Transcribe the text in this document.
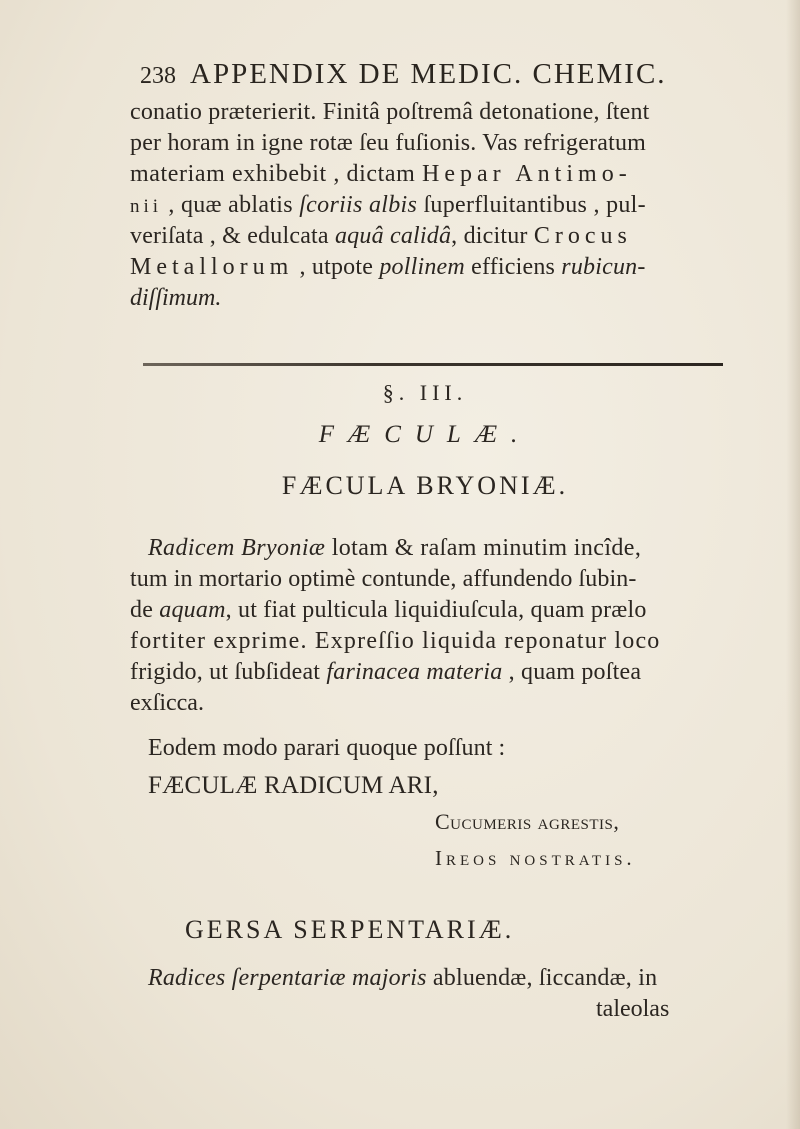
238 APPENDIX DE MEDIC. CHEMIC.
conatio præterierit. Finitâ poſtremâ detonatione, ſtent
per horam in igne rotæ ſeu fuſionis. Vas refrigeratum
materiam exhibebit , dictam Hepar Antimo-
nii , quæ ablatis ſcoriis albis ſuperfluitantibus , pul-
veriſata , & edulcata aquâ calidâ, dicitur Crocus
Metallorum , utpote pollinem efficiens rubicun-
diſſimum.
§. III.
FÆCULÆ.
FÆCULA BRYONIÆ.
Radicem Bryoniæ lotam & raſam minutim incîde,
tum in mortario optimè contunde, affundendo ſubin-
de aquam, ut fiat pulticula liquidiuſcula, quam prælo
fortiter exprime. Expreſſio liquida reponatur loco
frigido, ut ſubſideat farinacea materia , quam poſtea
exſicca.
Eodem modo parari quoque poſſunt :
FÆCULÆ RADICUM ARI,
Cucumeris agrestis,
Ireos nostratis.
GERSA SERPENTARIÆ.
Radices ſerpentariæ majoris abluendæ, ſiccandæ, in
taleolas
